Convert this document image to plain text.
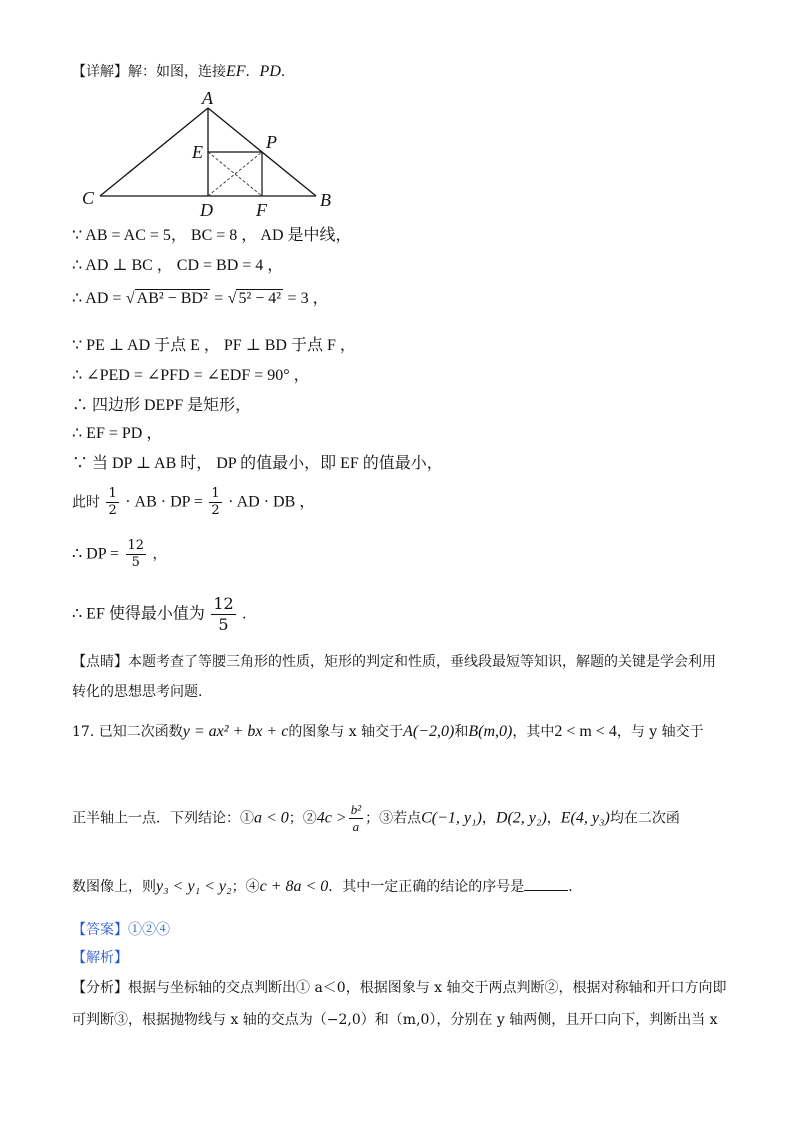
【详解】解：如图，连接EF．PD．
A
B
C
D
E
F
P
∵ AB = AC = 5， BC = 8 ， AD 是中线，
∴ AD ⊥ BC ， CD = BD = 4 ，
∴ AD = √ AB² − BD² = √ 5² − 4² = 3 ，
∵ PE ⊥ AD 于点 E ， PF ⊥ BD 于点 F ，
∴ ∠PED = ∠PFD = ∠EDF = 90° ，
∴ 四边形 DEPF 是矩形，
∴ EF = PD ，
∵ 当 DP ⊥ AB 时， DP 的值最小，即 EF 的值最小，
此时 $\frac{1}{2}$ · AB · DP = $\frac{1}{2}$ · AD · DB ，
∴ DP = $\frac{12}{5}$ ，
∴ EF 使得最小值为 $\frac{12}{5}$ ．
【点睛】本题考查了等腰三角形的性质，矩形的判定和性质，垂线段最短等知识，解题的关键是学会利用
转化的思想思考问题.
17. 已知二次函数y = ax² + bx + c的图象与 x 轴交于A(−2,0)和B(m,0)，其中2 < m < 4，与 y 轴交于
正半轴上一点．下列结论：①a < 0；②4c > $\frac{\text{b²}}{a}$ ；③若点C(−1, y₁)，D(2, y₂)，E(4, y₃)均在二次函
数图像上，则y₃ < y₁ < y₂；④c + 8a < 0．其中一定正确的结论的序号是	．
【答案】①②④
【解析】
【分析】根据与坐标轴的交点判断出① a＜0，根据图象与 x 轴交于两点判断②，根据对称轴和开口方向即
可判断③，根据抛物线与 x 轴的交点为（−2,0）和（m,0），分别在 y 轴两侧，且开口向下，判断出当 x
